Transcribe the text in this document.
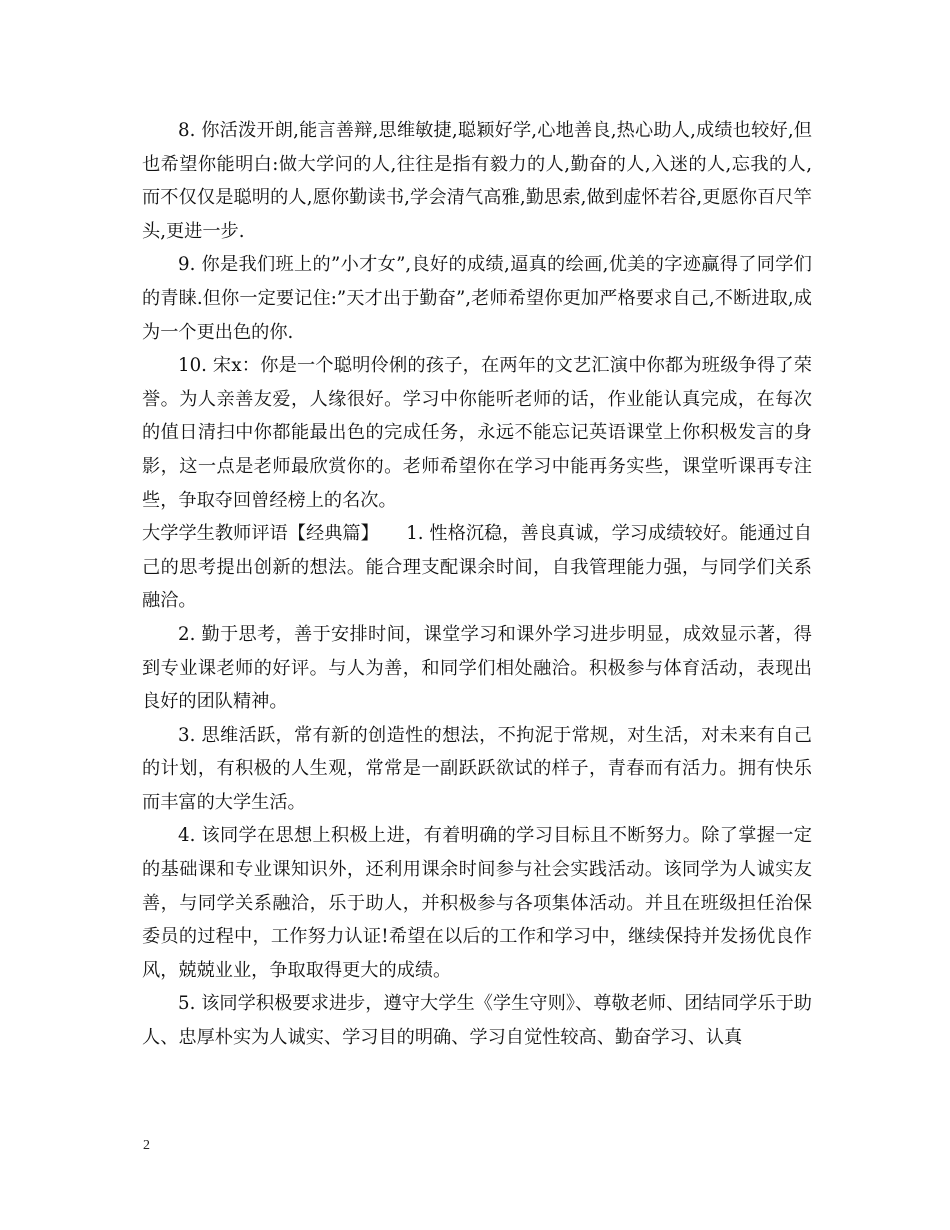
8. 你活泼开朗,能言善辩,思维敏捷,聪颖好学,心地善良,热心助人,成绩也较好,但也希望你能明白:做大学问的人,往往是指有毅力的人,勤奋的人,入迷的人,忘我的人,而不仅仅是聪明的人,愿你勤读书,学会清气高雅,勤思索,做到虚怀若谷,更愿你百尺竿头,更进一步.

9. 你是我们班上的”小才女”,良好的成绩,逼真的绘画,优美的字迹赢得了同学们的青睐.但你一定要记住:”天才出于勤奋”,老师希望你更加严格要求自己,不断进取,成为一个更出色的你.

10. 宋x：你是一个聪明伶俐的孩子，在两年的文艺汇演中你都为班级争得了荣誉。为人亲善友爱，人缘很好。学习中你能听老师的话，作业能认真完成，在每次的值日清扫中你都能最出色的完成任务，永远不能忘记英语课堂上你积极发言的身影，这一点是老师最欣赏你的。老师希望你在学习中能再务实些，课堂听课再专注些，争取夺回曾经榜上的名次。

大学学生教师评语【经典篇】　　1. 性格沉稳，善良真诚，学习成绩较好。能通过自己的思考提出创新的想法。能合理支配课余时间，自我管理能力强，与同学们关系融洽。

2. 勤于思考，善于安排时间，课堂学习和课外学习进步明显，成效显示著，得到专业课老师的好评。与人为善，和同学们相处融洽。积极参与体育活动，表现出良好的团队精神。

3. 思维活跃，常有新的创造性的想法，不拘泥于常规，对生活，对未来有自己的计划，有积极的人生观，常常是一副跃跃欲试的样子，青春而有活力。拥有快乐而丰富的大学生活。

4. 该同学在思想上积极上进，有着明确的学习目标且不断努力。除了掌握一定的基础课和专业课知识外，还利用课余时间参与社会实践活动。该同学为人诚实友善，与同学关系融洽，乐于助人，并积极参与各项集体活动。并且在班级担任治保委员的过程中，工作努力认证!希望在以后的工作和学习中，继续保持并发扬优良作风，兢兢业业，争取取得更大的成绩。

5. 该同学积极要求进步，遵守大学生《学生守则》、尊敬老师、团结同学乐于助人、忠厚朴实为人诚实、学习目的明确、学习自觉性较高、勤奋学习、认真

2
